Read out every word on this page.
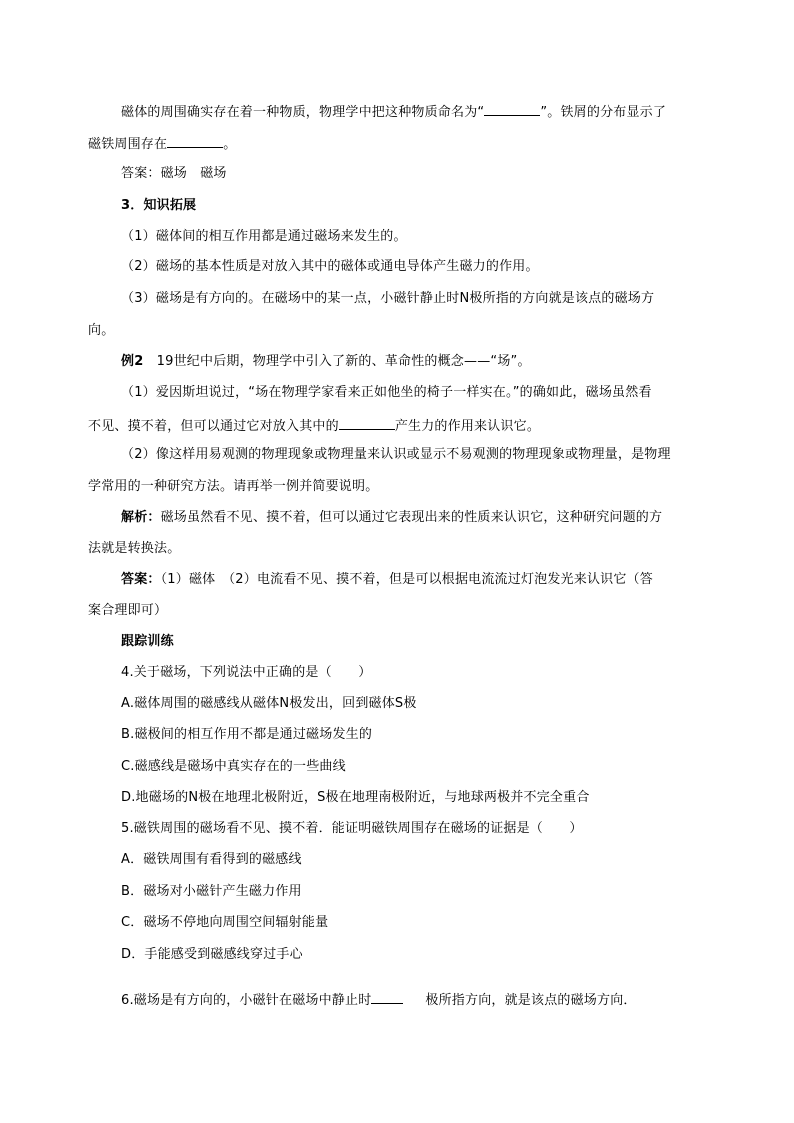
磁体的周围确实存在着一种物质，物理学中把这种物质命名为“	”。铁屑的分布显示了
磁铁周围存在	。
答案：磁场　磁场
3．知识拓展
（1）磁体间的相互作用都是通过磁场来发生的。
（2）磁场的基本性质是对放入其中的磁体或通电导体产生磁力的作用。
（3）磁场是有方向的。在磁场中的某一点，小磁针静止时N极所指的方向就是该点的磁场方
向。
例2　19世纪中后期，物理学中引入了新的、革命性的概念——“场”。
（1）爱因斯坦说过，“场在物理学家看来正如他坐的椅子一样实在。”的确如此，磁场虽然看
不见、摸不着，但可以通过它对放入其中的	产生力的作用来认识它。
（2）像这样用易观测的物理现象或物理量来认识或显示不易观测的物理现象或物理量，是物理
学常用的一种研究方法。请再举一例并简要说明。
解析：磁场虽然看不见、摸不着，但可以通过它表现出来的性质来认识它，这种研究问题的方
法就是转换法。
答案：（1）磁体　（2）电流看不见、摸不着，但是可以根据电流流过灯泡发光来认识它（答
案合理即可）
跟踪训练
4.关于磁场，下列说法中正确的是（　　）
A.磁体周围的磁感线从磁体N极发出，回到磁体S极
B.磁极间的相互作用不都是通过磁场发生的
C.磁感线是磁场中真实存在的一些曲线
D.地磁场的N极在地理北极附近，S极在地理南极附近，与地球两极并不完全重合
5.磁铁周围的磁场看不见、摸不着．能证明磁铁周围存在磁场的证据是（　　）
A．磁铁周围有看得到的磁感线
B．磁场对小磁针产生磁力作用
C．磁场不停地向周围空间辐射能量
D．手能感受到磁感线穿过手心
6.磁场是有方向的，小磁针在磁场中静止时	极所指方向，就是该点的磁场方向．
